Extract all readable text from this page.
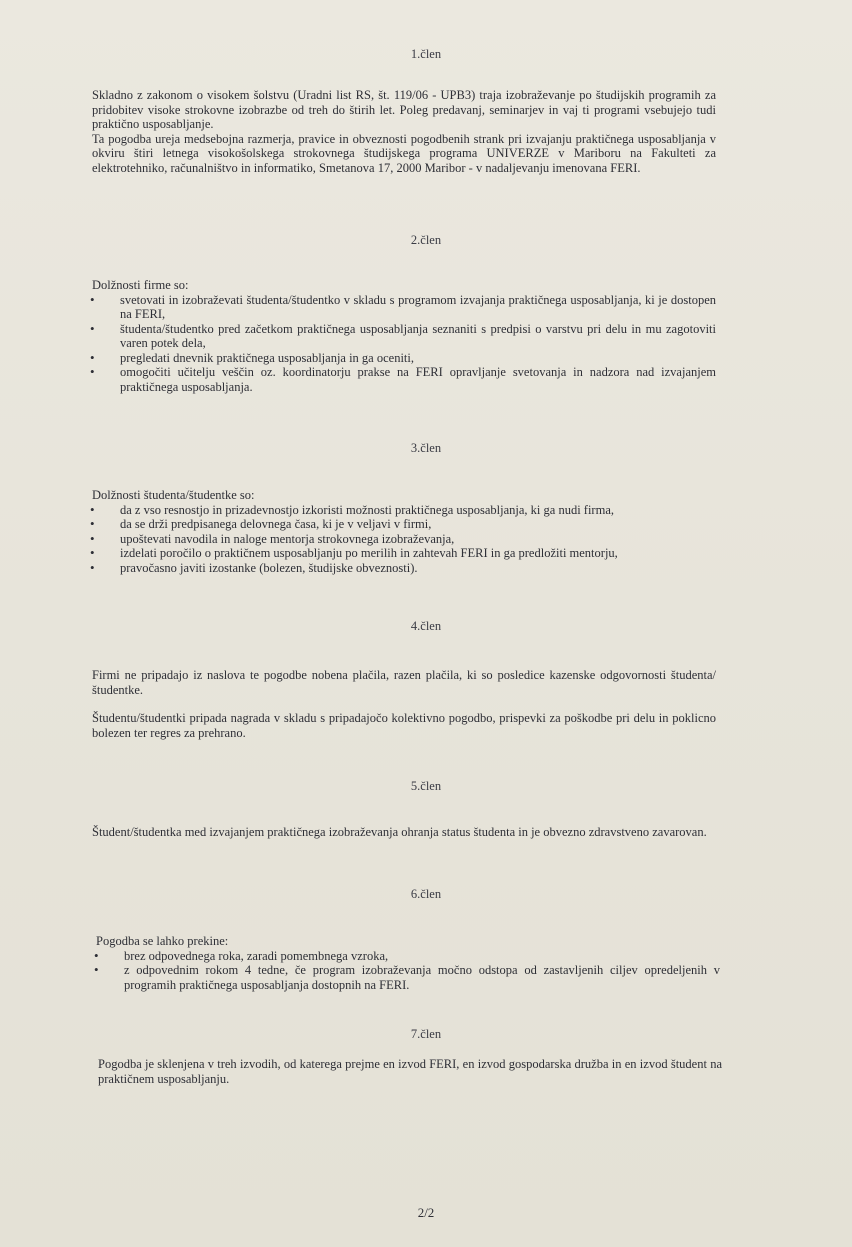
1.člen

Skladno z zakonom o visokem šolstvu (Uradni list RS, št. 119/06 - UPB3) traja izobraževanje po študijskih programih za pridobitev visoke strokovne izobrazbe od treh do štirih let. Poleg predavanj, seminarjev in vaj ti programi vsebujejo tudi praktično usposabljanje.

Ta pogodba ureja medsebojna razmerja, pravice in obveznosti pogodbenih strank pri izvajanju praktičnega usposabljanja v okviru štiri letnega visokošolskega strokovnega študijskega programa UNIVERZE v Mariboru na Fakulteti za elektrotehniko, računalništvo in informatiko, Smetanova 17, 2000 Maribor - v nadaljevanju imenovana FERI.

2.člen

Dolžnosti firme so:

• svetovati in izobraževati študenta/študentko v skladu s programom izvajanja praktičnega usposabljanja, ki je dostopen na FERI,
• študenta/študentko pred začetkom praktičnega usposabljanja seznaniti s predpisi o varstvu pri delu in mu zagotoviti varen potek dela,
• pregledati dnevnik praktičnega usposabljanja in ga oceniti,
• omogočiti učitelju veščin oz. koordinatorju prakse na FERI opravljanje svetovanja in nadzora nad izvajanjem praktičnega usposabljanja.
3.člen

Dolžnosti študenta/študentke so:

• da z vso resnostjo in prizadevnostjo izkoristi možnosti praktičnega usposabljanja, ki ga nudi firma,
• da se drži predpisanega delovnega časa, ki je v veljavi v firmi,
• upoštevati navodila in naloge mentorja strokovnega izobraževanja,
• izdelati poročilo o praktičnem usposabljanju po merilih in zahtevah FERI in ga predložiti mentorju,
• pravočasno javiti izostanke (bolezen, študijske obveznosti).
4.člen

Firmi ne pripadajo iz naslova te pogodbe nobena plačila, razen plačila, ki so posledice kazenske odgovornosti študenta/študentke.

Študentu/študentki pripada nagrada v skladu s pripadajočo kolektivno pogodbo, prispevki za poškodbe pri delu in poklicno bolezen ter regres za prehrano.

5.člen

Študent/študentka med izvajanjem praktičnega izobraževanja ohranja status študenta in je obvezno zdravstveno zavarovan.

6.člen

Pogodba se lahko prekine:

• brez odpovednega roka, zaradi pomembnega vzroka,
• z odpovednim rokom 4 tedne, če program izobraževanja močno odstopa od zastavljenih ciljev opredeljenih v programih praktičnega usposabljanja dostopnih na FERI.
7.člen

Pogodba je sklenjena v treh izvodih, od katerega prejme en izvod FERI, en izvod gospodarska družba in en izvod študent na praktičnem usposabljanju.

2/2
